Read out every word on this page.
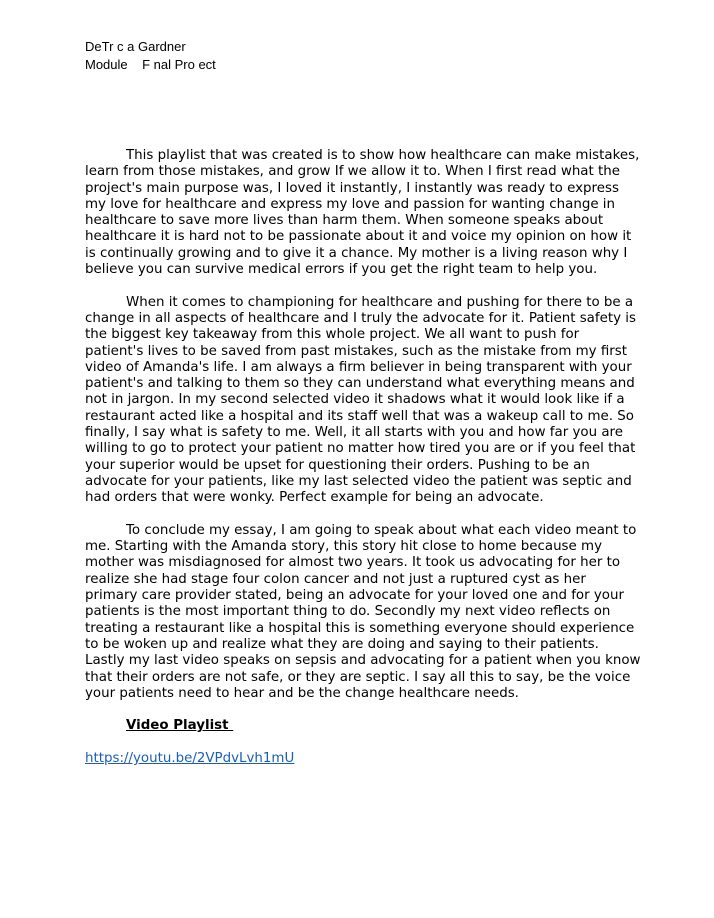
DeTr c a Gardner
Module    F nal Pro ect

This playlist that was created is to show how healthcare can make mistakes, learn from those mistakes, and grow If we allow it to. When I first read what the project's main purpose was, I loved it instantly, I instantly was ready to express my love for healthcare and express my love and passion for wanting change in healthcare to save more lives than harm them. When someone speaks about healthcare it is hard not to be passionate about it and voice my opinion on how it is continually growing and to give it a chance. My mother is a living reason why I believe you can survive medical errors if you get the right team to help you.

When it comes to championing for healthcare and pushing for there to be a change in all aspects of healthcare and I truly the advocate for it. Patient safety is the biggest key takeaway from this whole project. We all want to push for patient's lives to be saved from past mistakes, such as the mistake from my first video of Amanda's life. I am always a firm believer in being transparent with your patient's and talking to them so they can understand what everything means and not in jargon. In my second selected video it shadows what it would look like if a restaurant acted like a hospital and its staff well that was a wakeup call to me. So finally, I say what is safety to me. Well, it all starts with you and how far you are willing to go to protect your patient no matter how tired you are or if you feel that your superior would be upset for questioning their orders. Pushing to be an advocate for your patients, like my last selected video the patient was septic and had orders that were wonky. Perfect example for being an advocate.

To conclude my essay, I am going to speak about what each video meant to me. Starting with the Amanda story, this story hit close to home because my mother was misdiagnosed for almost two years. It took us advocating for her to realize she had stage four colon cancer and not just a ruptured cyst as her primary care provider stated, being an advocate for your loved one and for your patients is the most important thing to do. Secondly my next video reflects on treating a restaurant like a hospital this is something everyone should experience to be woken up and realize what they are doing and saying to their patients. Lastly my last video speaks on sepsis and advocating for a patient when you know that their orders are not safe, or they are septic. I say all this to say, be the voice your patients need to hear and be the change healthcare needs.

Video Playlist
https://youtu.be/2VPdvLvh1mU
